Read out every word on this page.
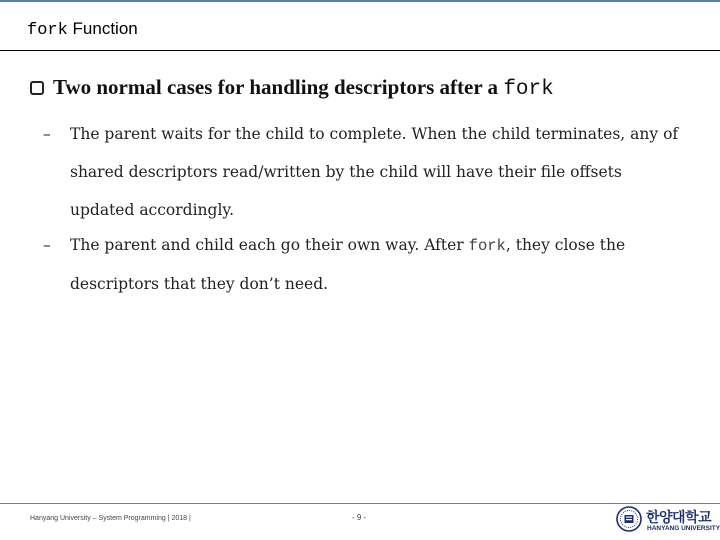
fork Function
Two normal cases for handling descriptors after a fork
– The parent waits for the child to complete. When the child terminates, any of shared descriptors read/written by the child will have their file offsets updated accordingly.
– The parent and child each go their own way. After fork, they close the descriptors that they don’t need.
Hanyang University – System Programming | 2018 |	- 9 -	한양대학교
HANYANG UNIVERSITY
